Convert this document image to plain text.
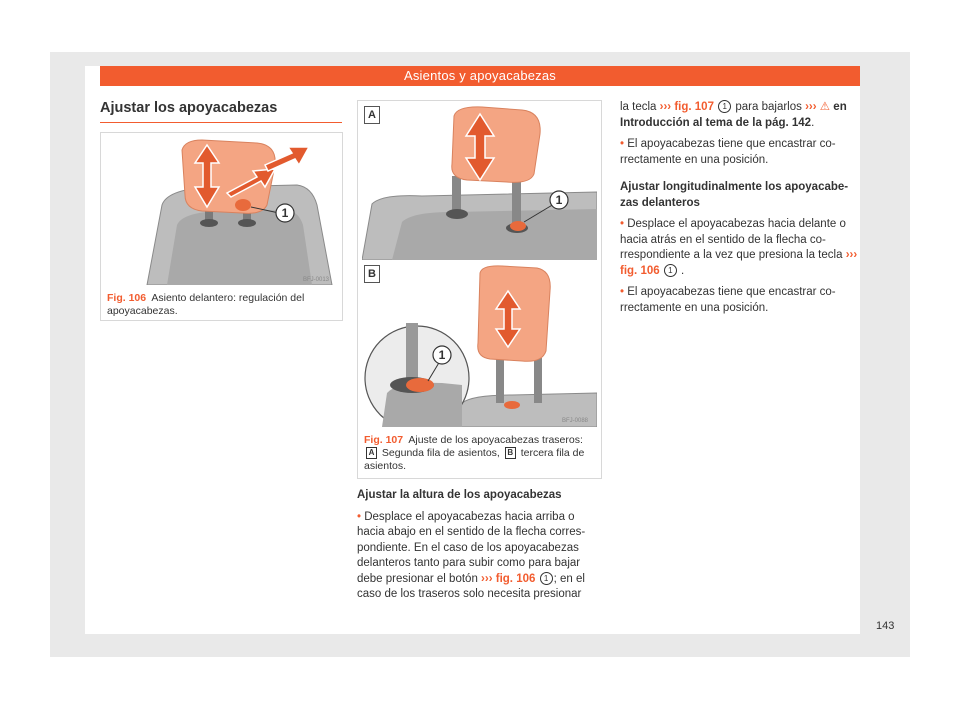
Asientos y apoyacabezas
Ajustar los apoyacabezas
1
BFJ-0013
Fig. 106 Asiento delantero: regulación del apoyacabezas.
1
A
1
B
BFJ-0088
Fig. 107 Ajuste de los apoyacabezas traseros: A Segunda fila de asientos, B tercera fila de asientos.

Ajustar la altura de los apoyacabezas

• Desplace el apoyacabezas hacia arriba o hacia abajo en el sentido de la flecha corres-pondiente. En el caso de los apoyacabezas delanteros tanto para subir como para bajar debe presionar el botón ››› fig. 106 1 ; en el caso de los traseros solo necesita presionar

la tecla ››› fig. 107 1 para bajarlos ››› ⚠ en Introducción al tema de la pág. 142.

• El apoyacabezas tiene que encastrar co-rrectamente en una posición.

Ajustar longitudinalmente los apoyacabe-zas delanteros

• Desplace el apoyacabezas hacia delante o hacia atrás en el sentido de la flecha co-rrespondiente a la vez que presiona la tecla ››› fig. 106 1 .

• El apoyacabezas tiene que encastrar co-rrectamente en una posición.

143
